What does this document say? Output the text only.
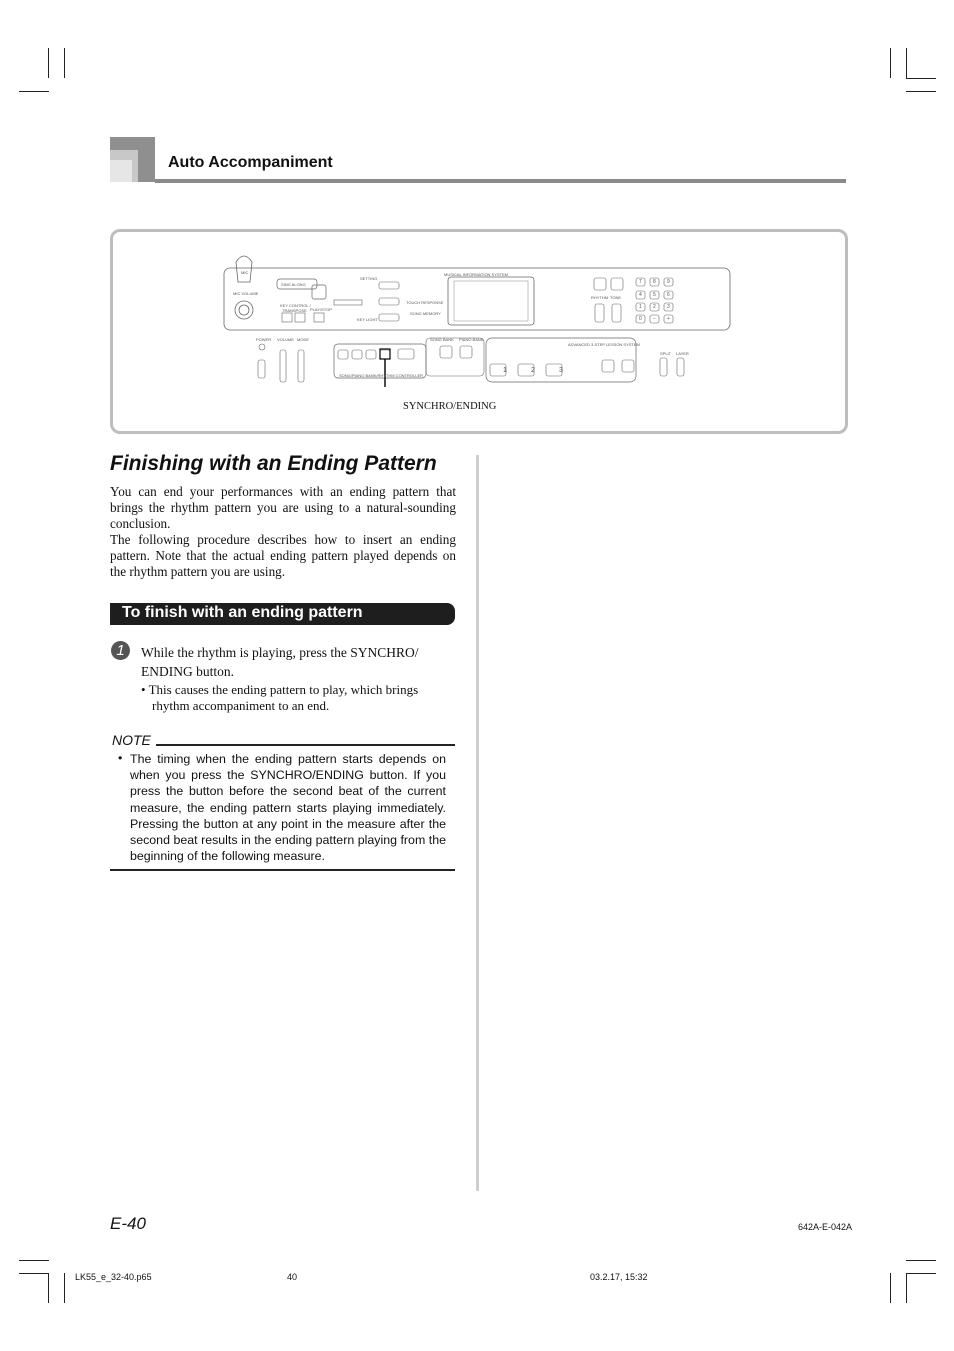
Auto Accompaniment
MIC
MIC VOLUME
SING ALONG
KEY CONTROL /
TRANSPOSE PLAY/STOP
SETTING
KEY LIGHT
TOUCH RESPONSE
SONG MEMORY
MUSICAL INFORMATION SYSTEM
RHYTHM TONE
POWER VOLUME MODE
SONG/PIANO BANK/RHYTHM CONTROLLER
SONG BANK PIANO BANK
ADVANCED 3-STEP LESSON SYSTEM
SPLIT LAYER
1	2	3
7 8 9
4 5 6
1 2 3
0 − +
SYNCHRO/ENDING
Finishing with an Ending Pattern
You can end your performances with an ending pattern that brings the rhythm pattern you are using to a natural-sounding conclusion.
The following procedure describes how to insert an ending pattern. Note that the actual ending pattern played depends on the rhythm pattern you are using.
To finish with an ending pattern
1	While the rhythm is playing, press the SYNCHRO/ ENDING button.
• This causes the ending pattern to play, which brings rhythm accompaniment to an end.
NOTE
• The timing when the ending pattern starts depends on when you press the SYNCHRO/ENDING button. If you press the button before the second beat of the current measure, the ending pattern starts playing immediately. Pressing the button at any point in the measure after the second beat results in the ending pattern playing from the beginning of the following measure.
E-40	642A-E-042A
LK55_e_32-40.p65	40	03.2.17, 15:32
